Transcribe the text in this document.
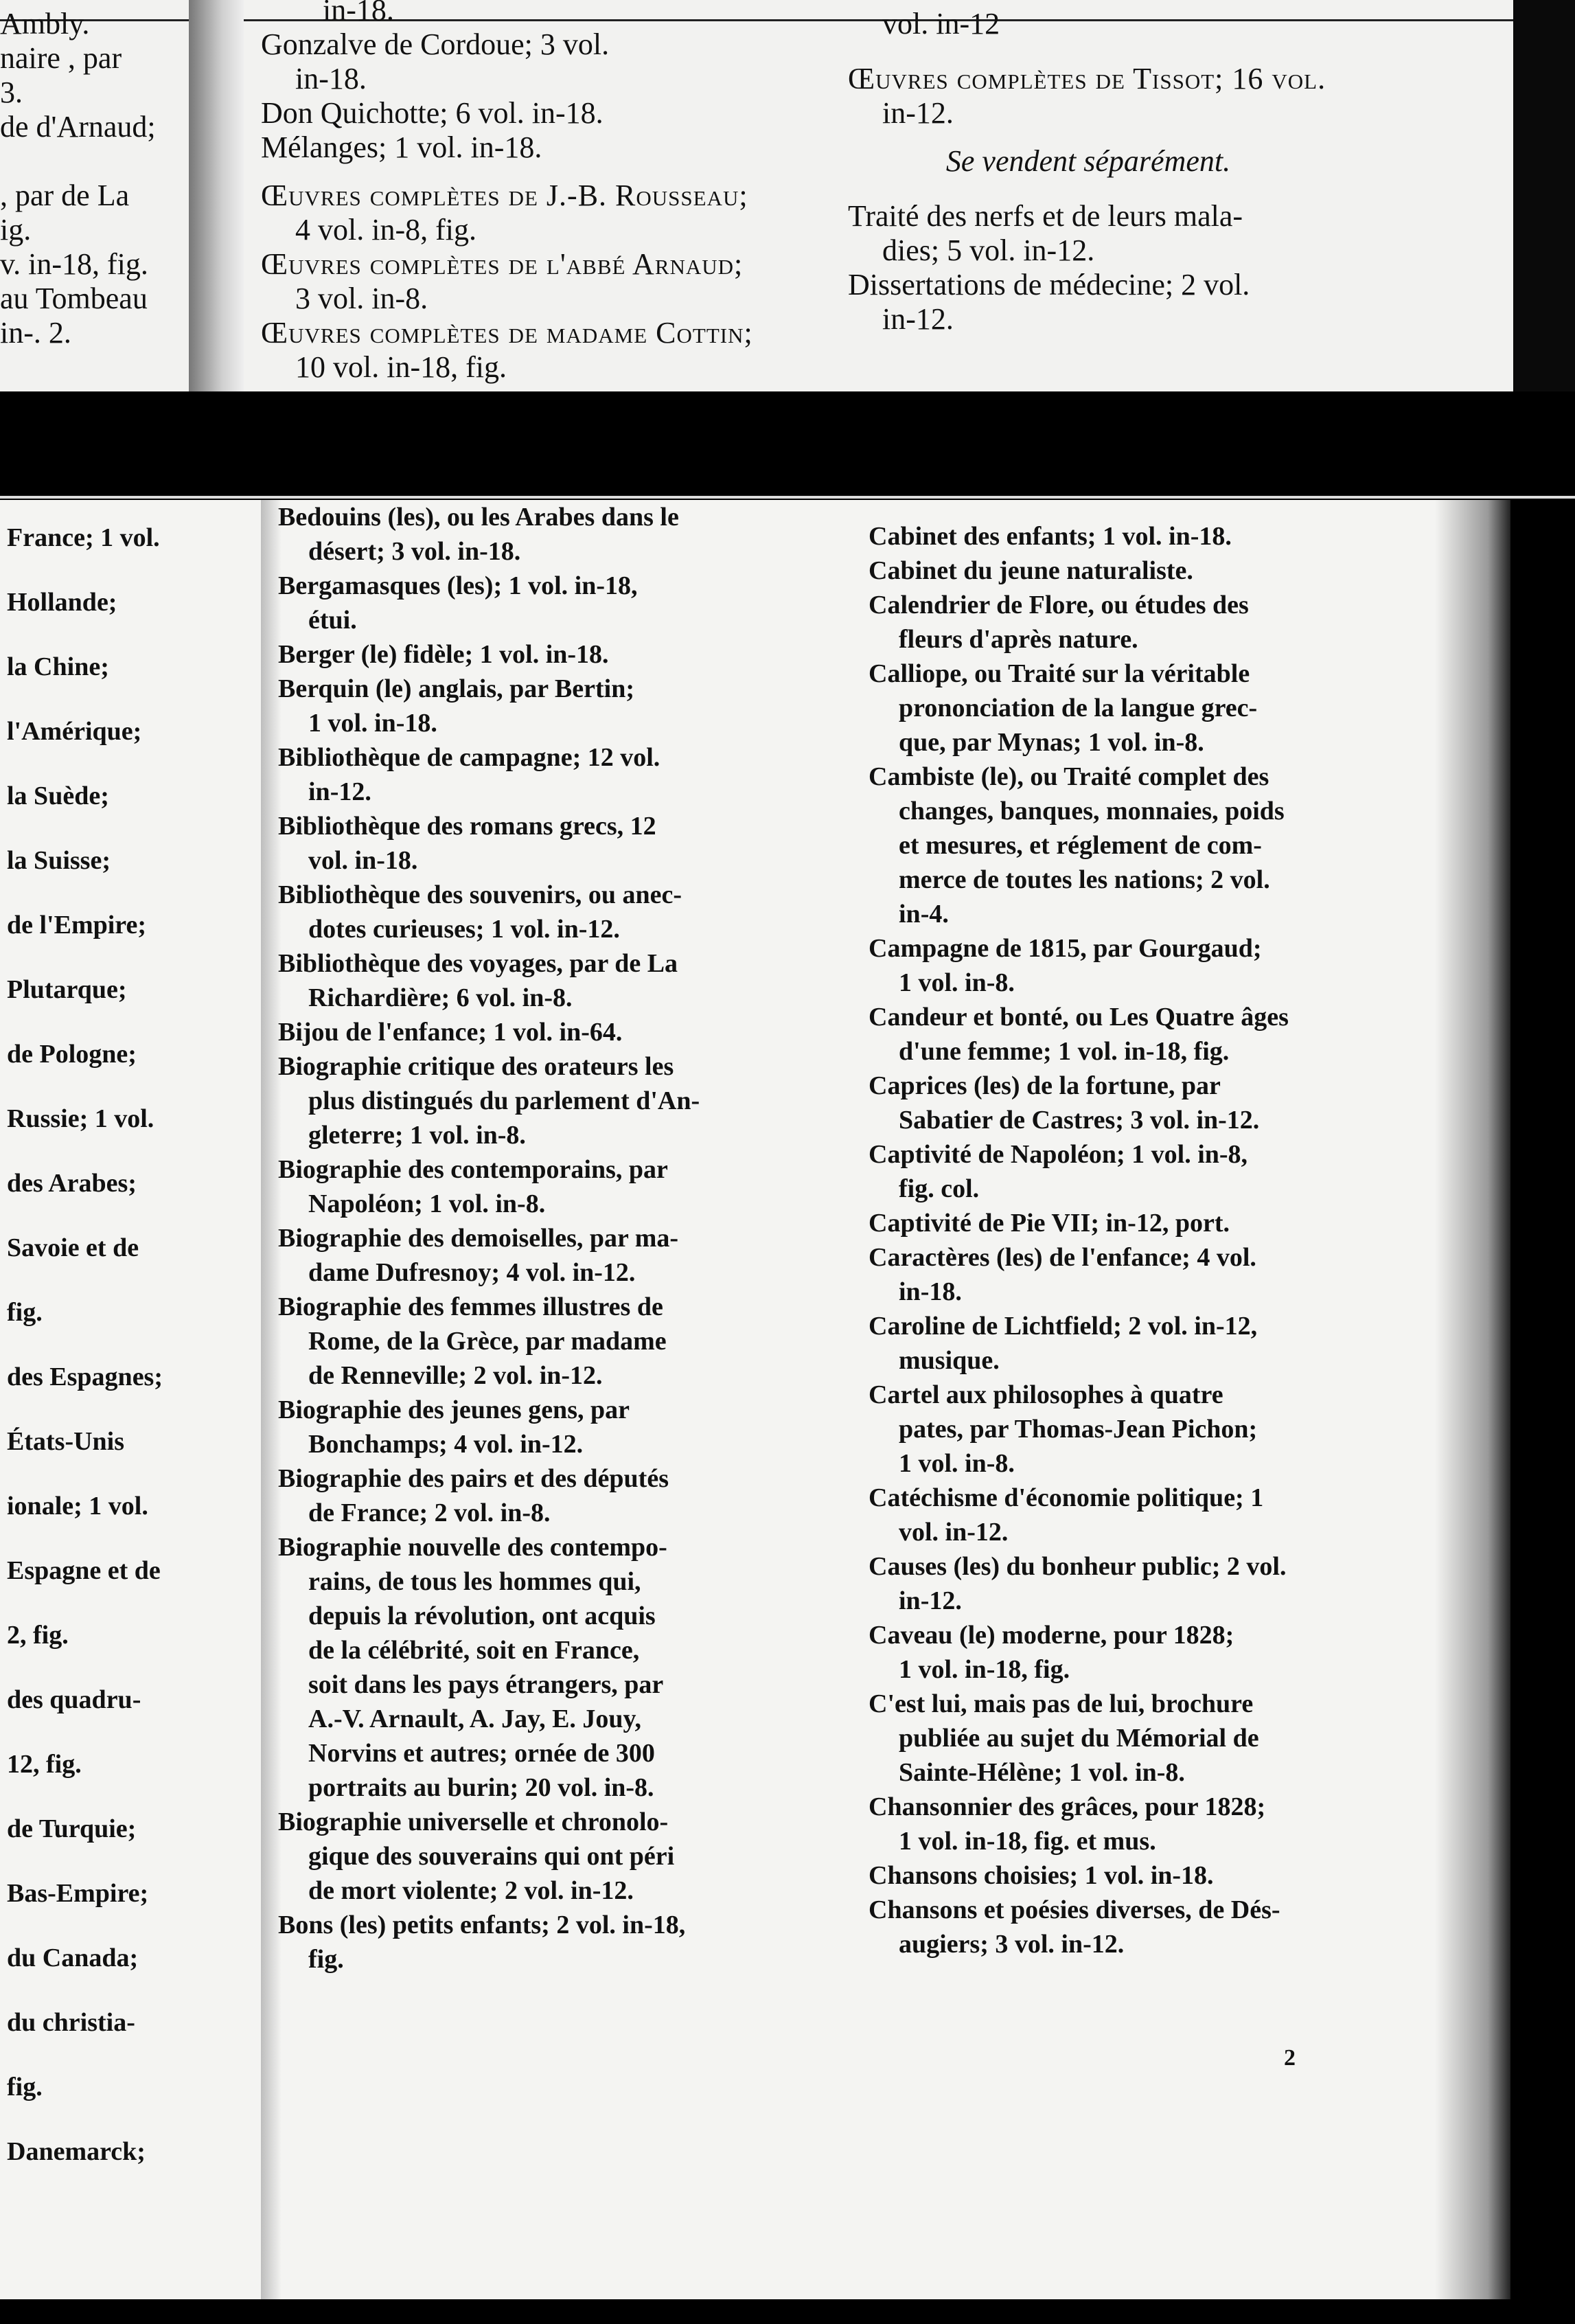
Ambly.
naire , par
3.
de d'Arnaud;

, par de La
ig.
v. in-18, fig.
au Tombeau
in-. 2.
in-18.
Gonzalve de Cordoue; 3 vol.
in-18.
Don Quichotte; 6 vol. in-18.
Mélanges; 1 vol. in-18.
Œuvres complètes de J.-B. Rousseau;
4 vol. in-8, fig.
Œuvres complètes de l'abbé Arnaud;
3 vol. in-8.
Œuvres complètes de madame Cottin;
10 vol. in-18, fig.
vol. in-12
Œuvres complètes de Tissot; 16 vol.
in-12.
Se vendent séparément.
Traité des nerfs et de leurs mala-
dies; 5 vol. in-12.
Dissertations de médecine; 2 vol.
in-12.
France; 1 vol.
Hollande;
la Chine;
l'Amérique;
la Suède;
la Suisse;
de l'Empire;
Plutarque;
de Pologne;
Russie; 1 vol.
des Arabes;
Savoie et de
fig.
des Espagnes;
États-Unis
ionale; 1 vol.
Espagne et de
2, fig.
des quadru-
12, fig.
de Turquie;
Bas-Empire;
du Canada;
du christia-
fig.
Danemarck;
Bedouins (les), ou les Arabes dans le
désert; 3 vol. in-18.
Bergamasques (les); 1 vol. in-18,
étui.
Berger (le) fidèle; 1 vol. in-18.
Berquin (le) anglais, par Bertin;
1 vol. in-18.
Bibliothèque de campagne; 12 vol.
in-12.
Bibliothèque des romans grecs, 12
vol. in-18.
Bibliothèque des souvenirs, ou anec-
dotes curieuses; 1 vol. in-12.
Bibliothèque des voyages, par de La
Richardière; 6 vol. in-8.
Bijou de l'enfance; 1 vol. in-64.
Biographie critique des orateurs les
plus distingués du parlement d'An-
gleterre; 1 vol. in-8.
Biographie des contemporains, par
Napoléon; 1 vol. in-8.
Biographie des demoiselles, par ma-
dame Dufresnoy; 4 vol. in-12.
Biographie des femmes illustres de
Rome, de la Grèce, par madame
de Renneville; 2 vol. in-12.
Biographie des jeunes gens, par
Bonchamps; 4 vol. in-12.
Biographie des pairs et des députés
de France; 2 vol. in-8.
Biographie nouvelle des contempo-
rains, de tous les hommes qui,
depuis la révolution, ont acquis
de la célébrité, soit en France,
soit dans les pays étrangers, par
A.-V. Arnault, A. Jay, E. Jouy,
Norvins et autres; ornée de 300
portraits au burin; 20 vol. in-8.
Biographie universelle et chronolo-
gique des souverains qui ont péri
de mort violente; 2 vol. in-12.
Bons (les) petits enfants; 2 vol. in-18,
fig.
Cabinet des enfants; 1 vol. in-18.
Cabinet du jeune naturaliste.
Calendrier de Flore, ou études des
fleurs d'après nature.
Calliope, ou Traité sur la véritable
prononciation de la langue grec-
que, par Mynas; 1 vol. in-8.
Cambiste (le), ou Traité complet des
changes, banques, monnaies, poids
et mesures, et réglement de com-
merce de toutes les nations; 2 vol.
in-4.
Campagne de 1815, par Gourgaud;
1 vol. in-8.
Candeur et bonté, ou Les Quatre âges
d'une femme; 1 vol. in-18, fig.
Caprices (les) de la fortune, par
Sabatier de Castres; 3 vol. in-12.
Captivité de Napoléon; 1 vol. in-8,
fig. col.
Captivité de Pie VII; in-12, port.
Caractères (les) de l'enfance; 4 vol.
in-18.
Caroline de Lichtfield; 2 vol. in-12,
musique.
Cartel aux philosophes à quatre
pates, par Thomas-Jean Pichon;
1 vol. in-8.
Catéchisme d'économie politique; 1
vol. in-12.
Causes (les) du bonheur public; 2 vol.
in-12.
Caveau (le) moderne, pour 1828;
1 vol. in-18, fig.
C'est lui, mais pas de lui, brochure
publiée au sujet du Mémorial de
Sainte-Hélène; 1 vol. in-8.
Chansonnier des grâces, pour 1828;
1 vol. in-18, fig. et mus.
Chansons choisies; 1 vol. in-18.
Chansons et poésies diverses, de Dés-
augiers; 3 vol. in-12.
2
